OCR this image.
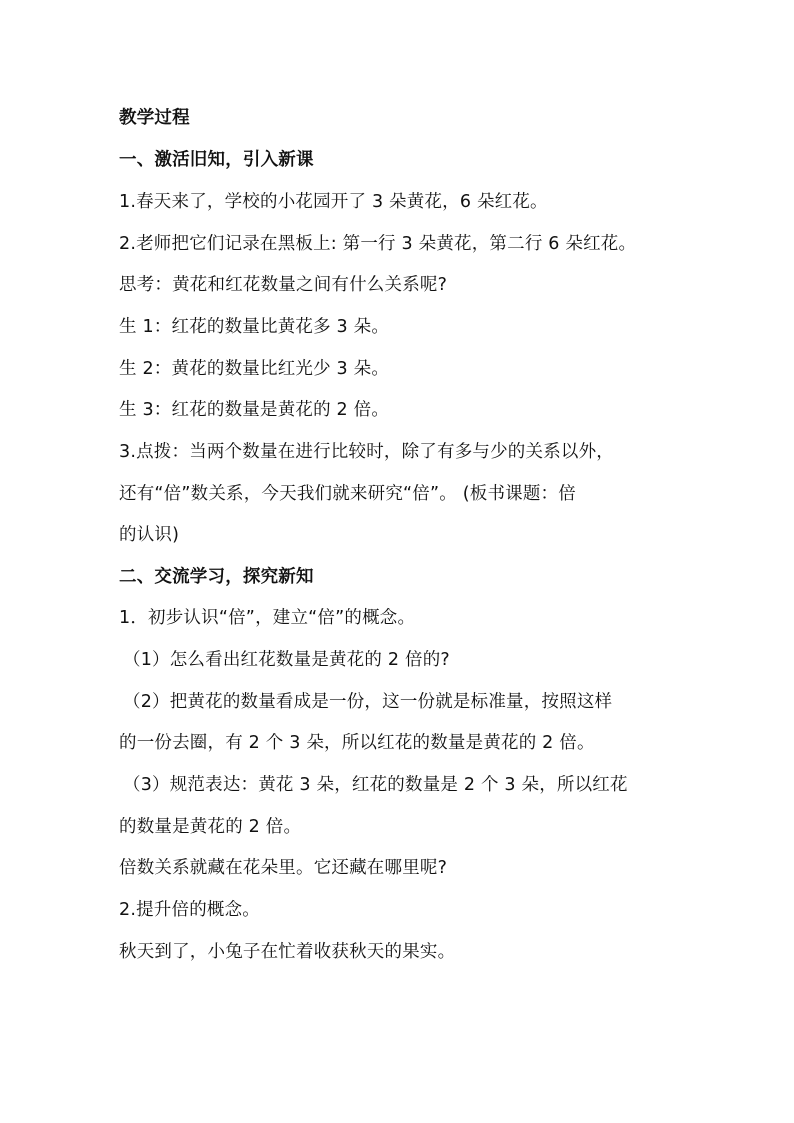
教学过程
一、激活旧知，引入新课
1.春天来了，学校的小花园开了 3 朵黄花，6 朵红花。
2.老师把它们记录在黑板上: 第一行 3 朵黄花，第二行 6 朵红花。
思考：黄花和红花数量之间有什么关系呢?
生 1：红花的数量比黄花多 3 朵。
生 2：黄花的数量比红光少 3 朵。
生 3：红花的数量是黄花的 2 倍。
3.点拨：当两个数量在进行比较时，除了有多与少的关系以外，
还有“倍”数关系，今天我们就来研究“倍”。 (板书课题：倍
的认识)
二、交流学习，探究新知
1．初步认识“倍”，建立“倍”的概念。
（1）怎么看出红花数量是黄花的 2 倍的?
（2）把黄花的数量看成是一份，这一份就是标准量，按照这样
的一份去圈，有 2 个 3 朵，所以红花的数量是黄花的 2 倍。
（3）规范表达：黄花 3 朵，红花的数量是 2 个 3 朵，所以红花
的数量是黄花的 2 倍。
倍数关系就藏在花朵里。它还藏在哪里呢?
2.提升倍的概念。
秋天到了，小兔子在忙着收获秋天的果实。
